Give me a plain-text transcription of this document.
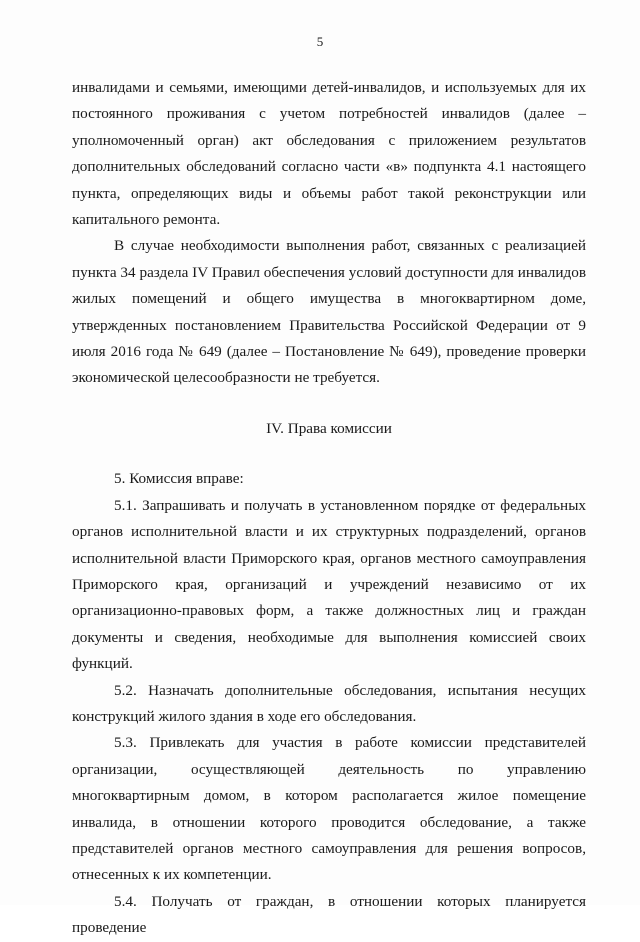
5

инвалидами и семьями, имеющими детей-инвалидов, и используемых для их постоянного проживания с учетом потребностей инвалидов (далее – уполномоченный орган) акт обследования с приложением результатов дополнительных обследований согласно части «в» подпункта 4.1 настоящего пункта, определяющих виды и объемы работ такой реконструкции или капитального ремонта.

В случае необходимости выполнения работ, связанных с реализацией пункта 34 раздела IV Правил обеспечения условий доступности для инвалидов жилых помещений и общего имущества в многоквартирном доме, утвержденных постановлением Правительства Российской Федерации от 9 июля 2016 года № 649 (далее – Постановление № 649), проведение проверки экономической целесообразности не требуется.

IV. Права комиссии

5. Комиссия вправе:

5.1. Запрашивать и получать в установленном порядке от федеральных органов исполнительной власти и их структурных подразделений, органов исполнительной власти Приморского края, органов местного самоуправления Приморского края, организаций и учреждений независимо от их организационно-правовых форм, а также должностных лиц и граждан документы и сведения, необходимые для выполнения комиссией своих функций.

5.2. Назначать дополнительные обследования, испытания несущих конструкций жилого здания в ходе его обследования.

5.3. Привлекать для участия в работе комиссии представителей организации, осуществляющей деятельность по управлению многоквартирным домом, в котором располагается жилое помещение инвалида, в отношении которого проводится обследование, а также представителей органов местного самоуправления для решения вопросов, отнесенных к их компетенции.

5.4. Получать от граждан, в отношении которых планируется проведение
